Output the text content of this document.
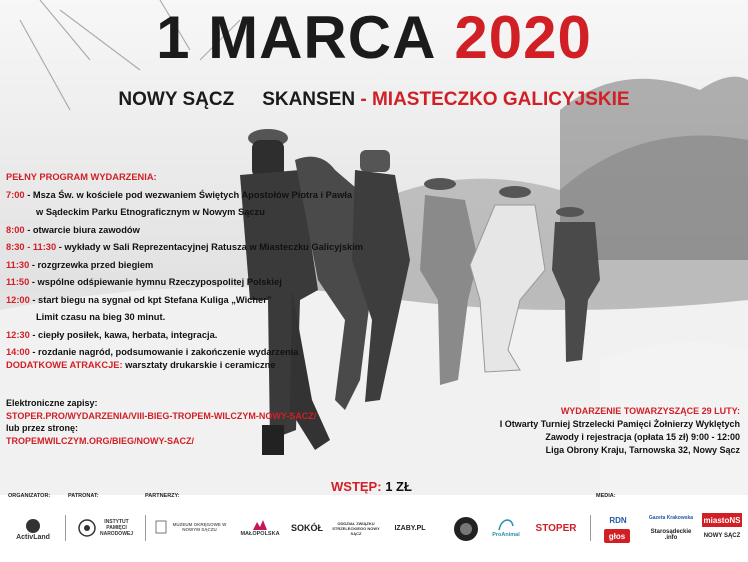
1 MARCA 2020
NOWY SĄCZ SKANSEN - MIASTECZKO GALICYJSKIE
PEŁNY PROGRAM WYDARZENIA:
7:00 - Msza Św. w kościele pod wezwaniem Świętych Apostołów Piotra i Pawła
w Sądeckim Parku Etnograficznym w Nowym Sączu
8:00 - otwarcie biura zawodów
8:30 - 11:30 - wykłady w Sali Reprezentacyjnej Ratusza w Miasteczku Galicyjskim
11:30 - rozgrzewka przed biegiem
11:50 - wspólne odśpiewanie hymnu Rzeczypospolitej Polskiej
12:00 - start biegu na sygnał od kpt Stefana Kuliga „Wicher”
Limit czasu na bieg 30 minut.
12:30 - ciepły posiłek, kawa, herbata, integracja.
14:00 - rozdanie nagród, podsumowanie i zakończenie wydarzenia
DODATKOWE ATRAKCJE: warsztaty drukarskie i ceramiczne
Elektroniczne zapisy:
STOPER.PRO/WYDARZENIA/VIII-BIEG-TROPEM-WILCZYM-NOWY-SACZ/
lub przez stronę:
TROPEMWILCZYM.ORG/BIEG/NOWY-SACZ/
WYDARZENIE TOWARZYSZĄCE 29 LUTY:
I Otwarty Turniej Strzelecki Pamięci Żołnierzy Wyklętych
Zawody i rejestracja (opłata 15 zł) 9:00 - 12:00
Liga Obrony Kraju, Tarnowska 32, Nowy Sącz
WSTĘP: 1 ZŁ
ORGANIZATOR:	PATRONAT:	PARTNERZY:	MEDIA:
ActivLand
INSTYTUT PAMIĘCI NARODOWEJ
MUZEUM OKRĘGOWE W NOWYM SĄCZU
MAŁOPOLSKA
SOKÓŁ	ODDZIAŁ ZWIĄZKU STRZELECKIEGO NOWY SĄCZ
IZABY.PL
ProAnimal
STOPER
RDN
głos
Gazeta Krakowska
Starosądeckie .info
miastoNS
NOWY SĄCZ
